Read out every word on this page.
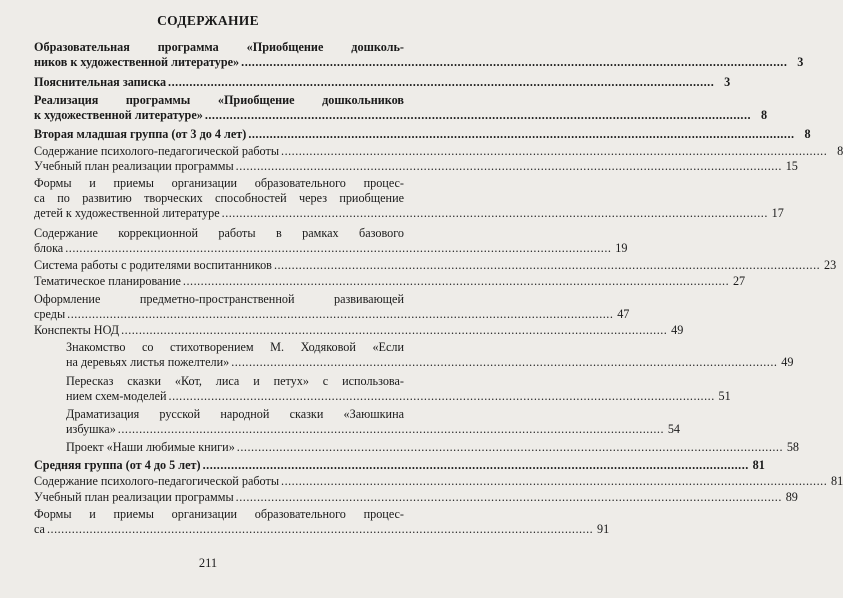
СОДЕРЖАНИЕ
Образовательная программа «Приобщение дошколь-
ников к художественной литературе» .......................................................................................................................................................... 3
Пояснительная записка .......................................................................................................................................................... 3
Реализация программы «Приобщение дошкольников
к художественной литературе» .......................................................................................................................................................... 8
Вторая младшая группа (от 3 до 4 лет) .......................................................................................................................................................... 8
Содержание психолого-педагогической работы .......................................................................................................................................................... 8
Учебный план реализации программы .......................................................................................................................................................... 15
Формы и приемы организации образовательного процес-
са по развитию творческих способностей через приобщение
детей к художественной литературе .......................................................................................................................................................... 17
Содержание коррекционной работы в рамках базового
блока .......................................................................................................................................................... 19
Система работы с родителями воспитанников .......................................................................................................................................................... 23
Тематическое планирование .......................................................................................................................................................... 27
Оформление предметно-пространственной развивающей
среды .......................................................................................................................................................... 47
Конспекты НОД .......................................................................................................................................................... 49
Знакомство со стихотворением М. Ходяковой «Если
на деревьях листья пожелтели» .......................................................................................................................................................... 49
Пересказ сказки «Кот, лиса и петух» с использова-
нием схем-моделей .......................................................................................................................................................... 51
Драматизация русской народной сказки «Заюшкина
избушка» .......................................................................................................................................................... 54
Проект «Наши любимые книги» .......................................................................................................................................................... 58
Средняя группа (от 4 до 5 лет) .......................................................................................................................................................... 81
Содержание психолого-педагогической работы .......................................................................................................................................................... 81
Учебный план реализации программы .......................................................................................................................................................... 89
Формы и приемы организации образовательного процес-
са .......................................................................................................................................................... 91
211
